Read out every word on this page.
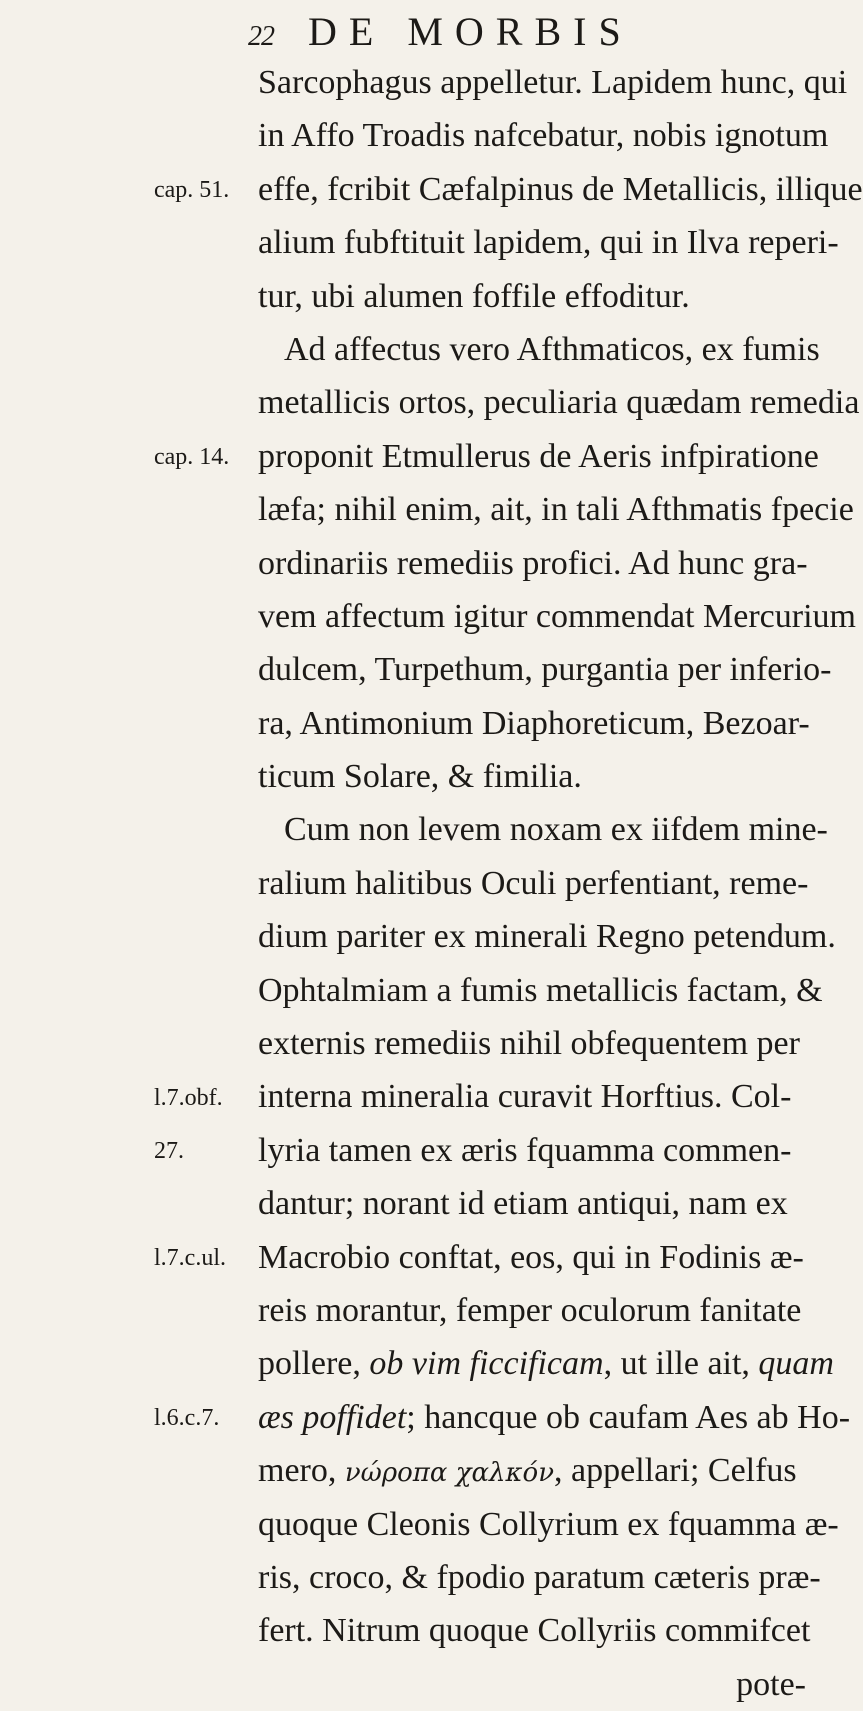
22 DE MORBIS
Sarcophagus appelletur. Lapidem hunc, qui
in Affo Troadis nafcebatur, nobis ignotum
effe, fcribit Cæfalpinus de Metallicis, illique
alium fubftituit lapidem, qui in Ilva reperi-
tur, ubi alumen foffile effoditur.
Ad affectus vero Afthmaticos, ex fumis
metallicis ortos, peculiaria quædam remedia
proponit Etmullerus de Aeris infpiratione
læfa; nihil enim, ait, in tali Afthmatis fpecie
ordinariis remediis profici. Ad hunc gra-
vem affectum igitur commendat Mercurium
dulcem, Turpethum, purgantia per inferio-
ra, Antimonium Diaphoreticum, Bezoar-
ticum Solare, & fimilia.
Cum non levem noxam ex iifdem mine-
ralium halitibus Oculi perfentiant, reme-
dium pariter ex minerali Regno petendum.
Ophtalmiam a fumis metallicis factam, &
externis remediis nihil obfequentem per
interna mineralia curavit Horftius. Col-
lyria tamen ex æris fquamma commen-
dantur; norant id etiam antiqui, nam ex
Macrobio conftat, eos, qui in Fodinis æ-
reis morantur, femper oculorum fanitate
pollere, ob vim ficcificam, ut ille ait, quam
æs poffidet; hancque ob caufam Aes ab Ho-
mero, νώροπα χαλκόν, appellari; Celfus
quoque Cleonis Collyrium ex fquamma æ-
ris, croco, & fpodio paratum cæteris præ-
fert. Nitrum quoque Collyriis commifcet
pote-
cap. 51.
cap. 14.
l.7.obf.
27.
l.7.c.ul.
l.6.c.7.
